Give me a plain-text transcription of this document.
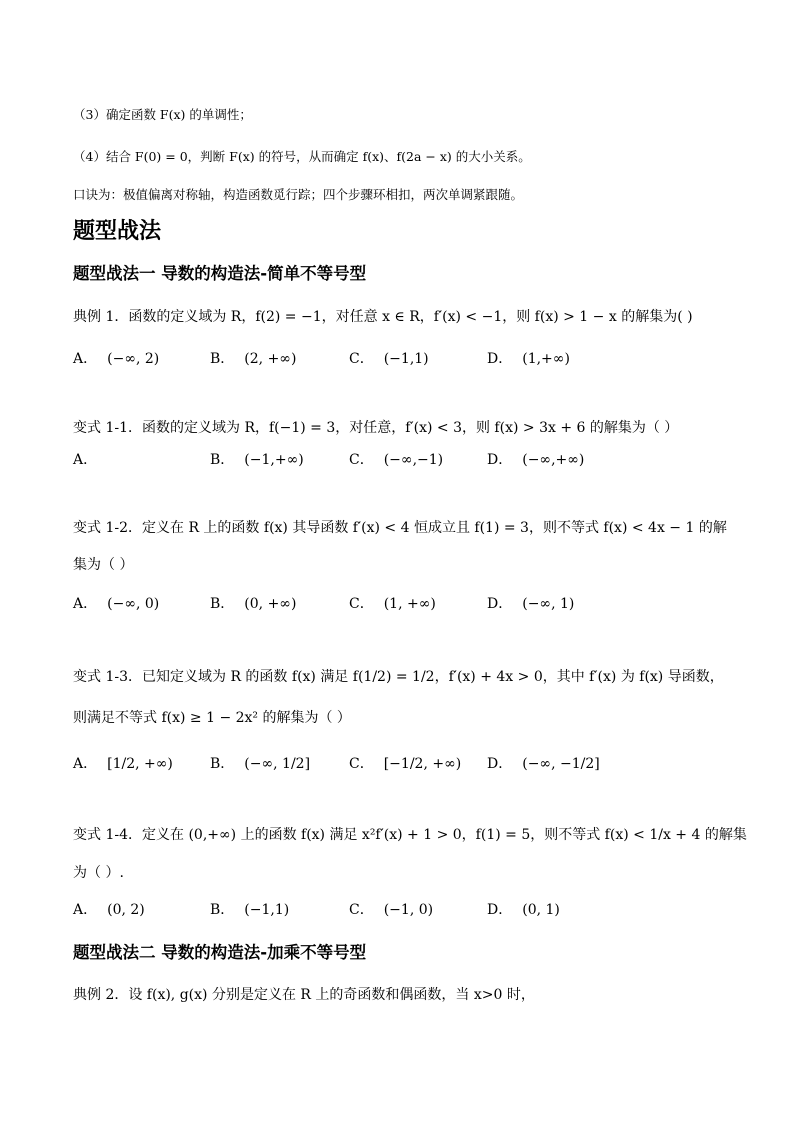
（3）确定函数 F(x) 的单调性；
（4）结合 F(0) = 0，判断 F(x) 的符号，从而确定 f(x)、f(2a − x) 的大小关系。
口诀为：极值偏离对称轴，构造函数觅行踪；四个步骤环相扣，两次单调紧跟随。
题型战法
题型战法一 导数的构造法-简单不等号型
典例 1．函数的定义域为 R，f(2) = −1，对任意 x ∈ R，f′(x) < −1，则 f(x) > 1 − x 的解集为( )
A． (−∞, 2)	B． (2, +∞)	C． (−1,1)	D． (1,+∞)
变式 1-1．函数的定义域为 R，f(−1) = 3，对任意，f′(x) < 3，则 f(x) > 3x + 6 的解集为（ ）
A．	B． (−1,+∞)	C． (−∞,−1)	D． (−∞,+∞)
变式 1-2．定义在 R 上的函数 f(x) 其导函数 f′(x) < 4 恒成立且 f(1) = 3，则不等式 f(x) < 4x − 1 的解
集为（ ）
A． (−∞, 0)	B． (0, +∞)	C． (1, +∞)	D． (−∞, 1)
变式 1-3．已知定义域为 R 的函数 f(x) 满足 f(1/2) = 1/2，f′(x) + 4x > 0，其中 f′(x) 为 f(x) 导函数，
则满足不等式 f(x) ≥ 1 − 2x² 的解集为（ ）
A． [1/2, +∞)	B． (−∞, 1/2]	C． [−1/2, +∞) D． (−∞, −1/2]
变式 1-4．定义在 (0,+∞) 上的函数 f(x) 满足 x²f′(x) + 1 > 0，f(1) = 5，则不等式 f(x) < 1/x + 4 的解集
为（ ）.
A． (0, 2)	B． (−1,1)	C． (−1, 0)	D． (0, 1)
题型战法二 导数的构造法-加乘不等号型
典例 2．设 f(x), g(x) 分别是定义在 R 上的奇函数和偶函数，当 x>0 时，
